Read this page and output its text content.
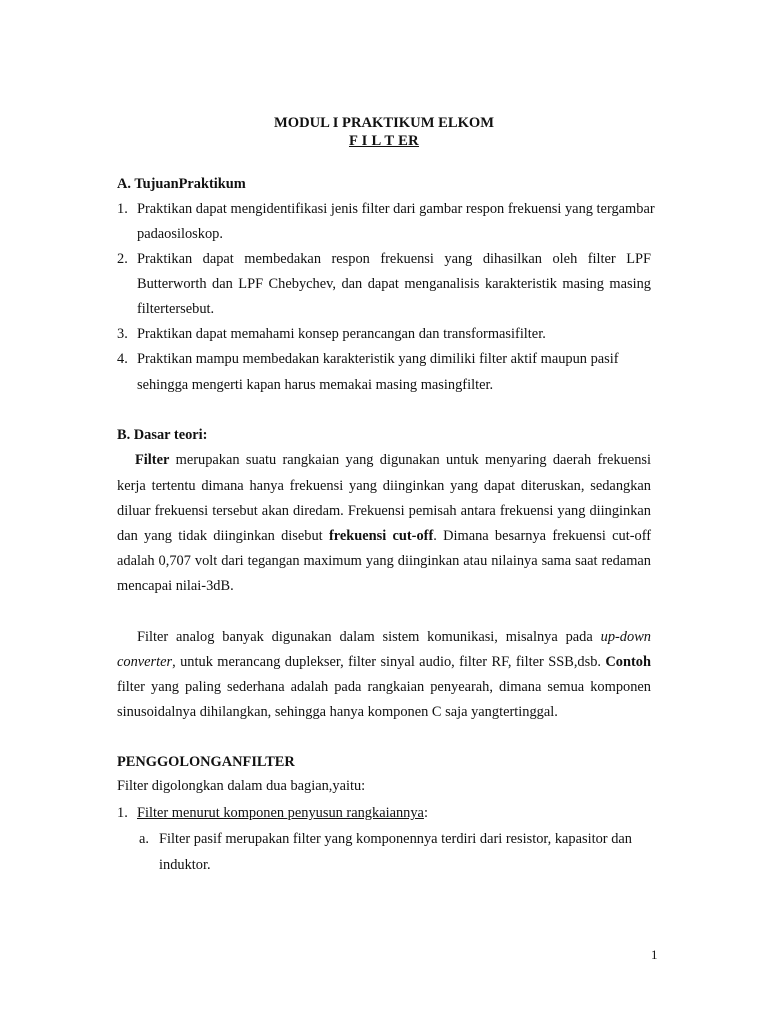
MODUL I PRAKTIKUM ELKOM
F I L T ER
A. TujuanPraktikum
1. Praktikan dapat mengidentifikasi jenis filter dari gambar respon frekuensi yang tergambar
padaosiloskop.
2. Praktikan dapat membedakan respon frekuensi yang dihasilkan oleh filter LPF
Butterworth dan LPF Chebychev, dan dapat menganalisis karakteristik masing masing
filtertersebut.
3. Praktikan dapat memahami konsep perancangan dan transformasifilter.
4. Praktikan mampu membedakan karakteristik yang dimiliki filter aktif maupun pasif
sehingga mengerti kapan harus memakai masing masingfilter.
B. Dasar teori:
Filter merupakan suatu rangkaian yang digunakan untuk menyaring daerah frekuensi
kerja tertentu dimana hanya frekuensi yang diinginkan yang dapat diteruskan, sedangkan
diluar frekuensi tersebut akan diredam. Frekuensi pemisah antara frekuensi yang diinginkan
dan yang tidak diinginkan disebut frekuensi cut-off. Dimana besarnya frekuensi cut-off
adalah 0,707 volt dari tegangan maximum yang diinginkan atau nilainya sama saat redaman
mencapai nilai-3dB.
Filter analog banyak digunakan dalam sistem komunikasi, misalnya pada up-down
converter, untuk merancang duplekser, filter sinyal audio, filter RF, filter SSB,dsb. Contoh
filter yang paling sederhana adalah pada rangkaian penyearah, dimana semua komponen
sinusoidalnya dihilangkan, sehingga hanya komponen C saja yangtertinggal.
PENGGOLONGANFILTER
Filter digolongkan dalam dua bagian,yaitu:
1. Filter menurut komponen penyusun rangkaiannya:
a. Filter pasif merupakan filter yang komponennya terdiri dari resistor, kapasitor dan
induktor.
1
